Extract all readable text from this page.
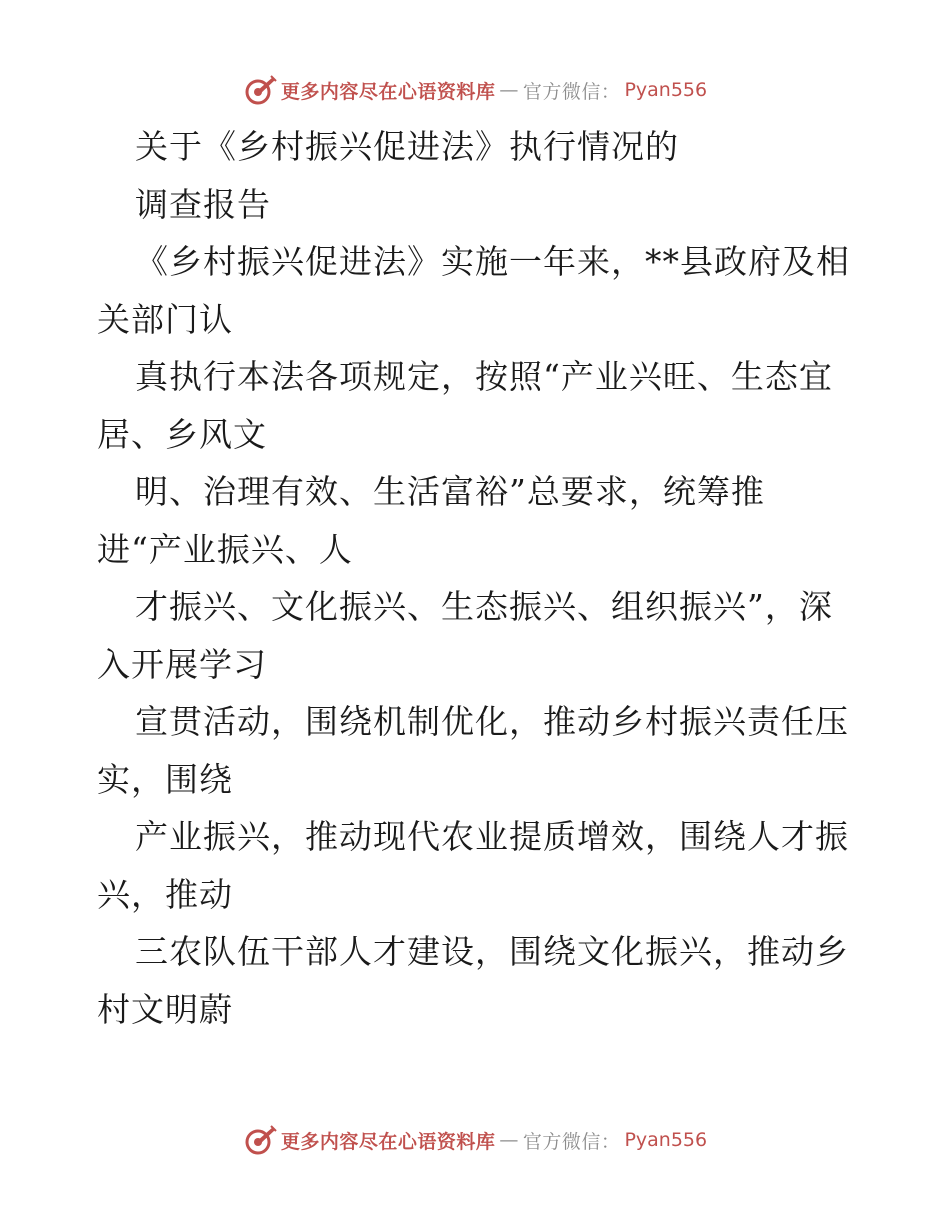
更多内容尽在心语资料库 — 官方微信： Pyan556
关于《乡村振兴促进法》执行情况的
调查报告
《乡村振兴促进法》实施一年来，**县政府及相
关部门认
真执行本法各项规定，按照“产业兴旺、生态宜
居、乡风文
明、治理有效、生活富裕”总要求，统筹推
进“产业振兴、人
才振兴、文化振兴、生态振兴、组织振兴”，深
入开展学习
宣贯活动，围绕机制优化，推动乡村振兴责任压
实，围绕
产业振兴，推动现代农业提质增效，围绕人才振
兴，推动
三农队伍干部人才建设，围绕文化振兴，推动乡
村文明蔚
更多内容尽在心语资料库 — 官方微信： Pyan556
